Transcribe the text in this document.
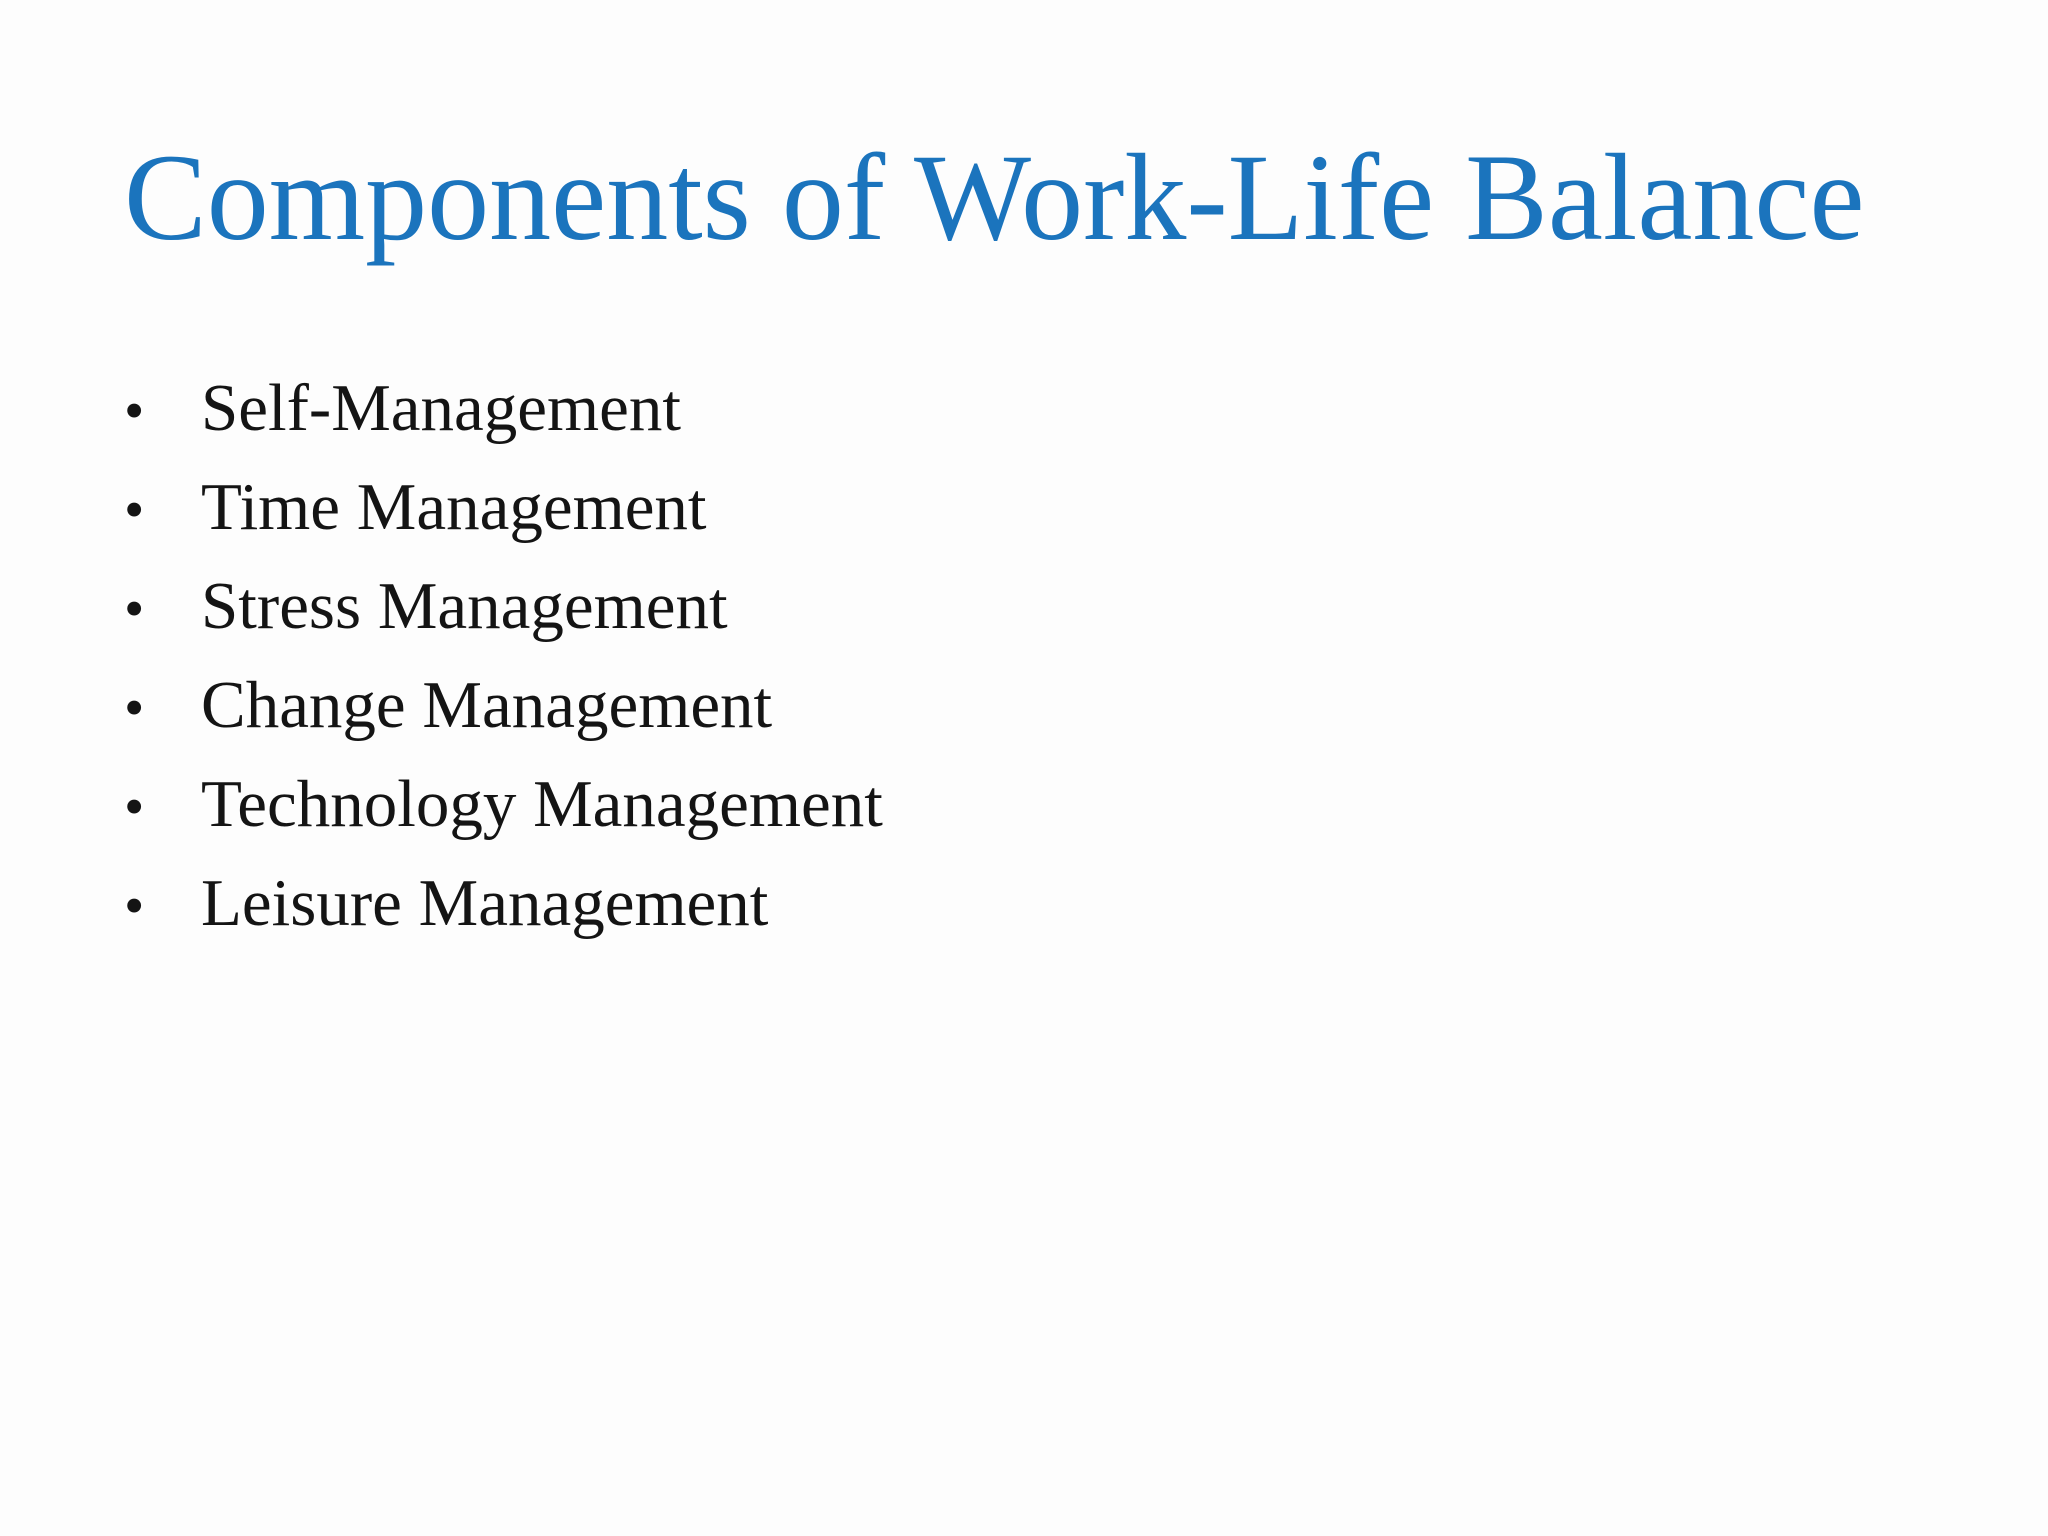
Components of Work-Life Balance
• Self-Management
• Time Management
• Stress Management
• Change Management
• Technology Management
• Leisure Management
